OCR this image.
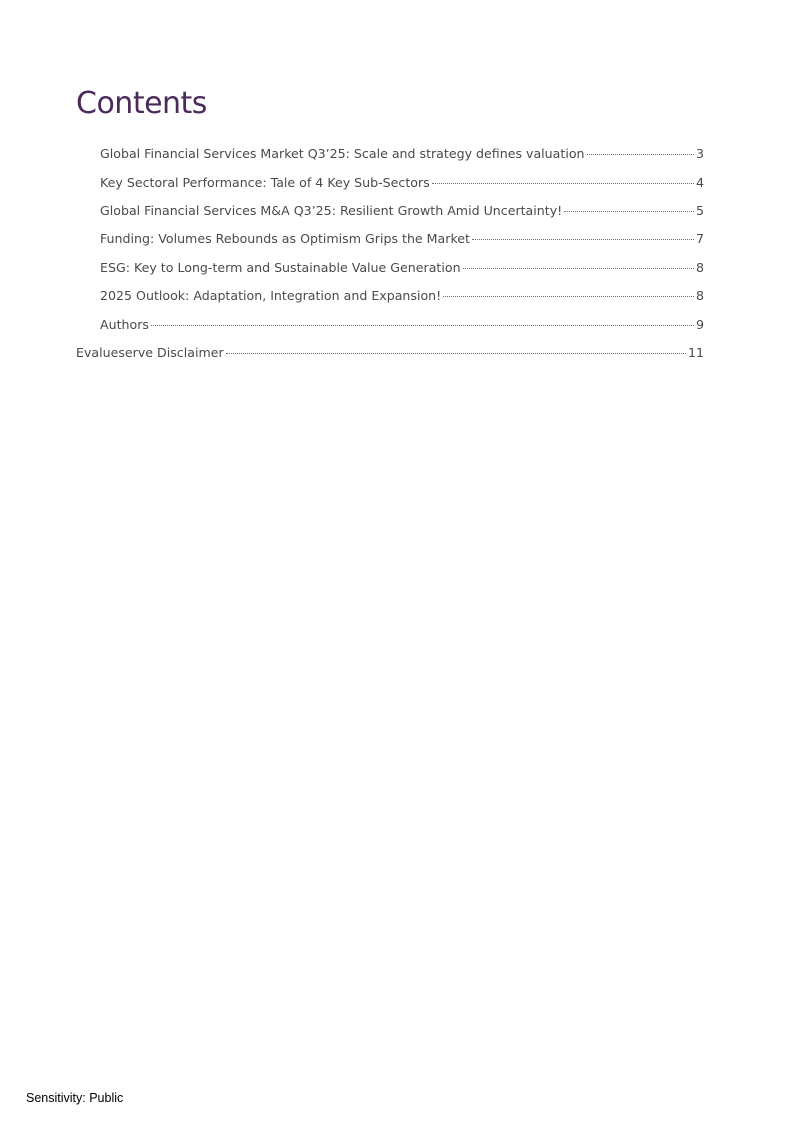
Contents
Global Financial Services Market Q3’25: Scale and strategy defines valuation	3
Key Sectoral Performance: Tale of 4 Key Sub-Sectors	4
Global Financial Services M&A Q3’25: Resilient Growth Amid Uncertainty!	5
Funding: Volumes Rebounds as Optimism Grips the Market	7
ESG: Key to Long-term and Sustainable Value Generation	8
2025 Outlook: Adaptation, Integration and Expansion!	8
Authors	9
Evalueserve Disclaimer	11
Sensitivity: Public
